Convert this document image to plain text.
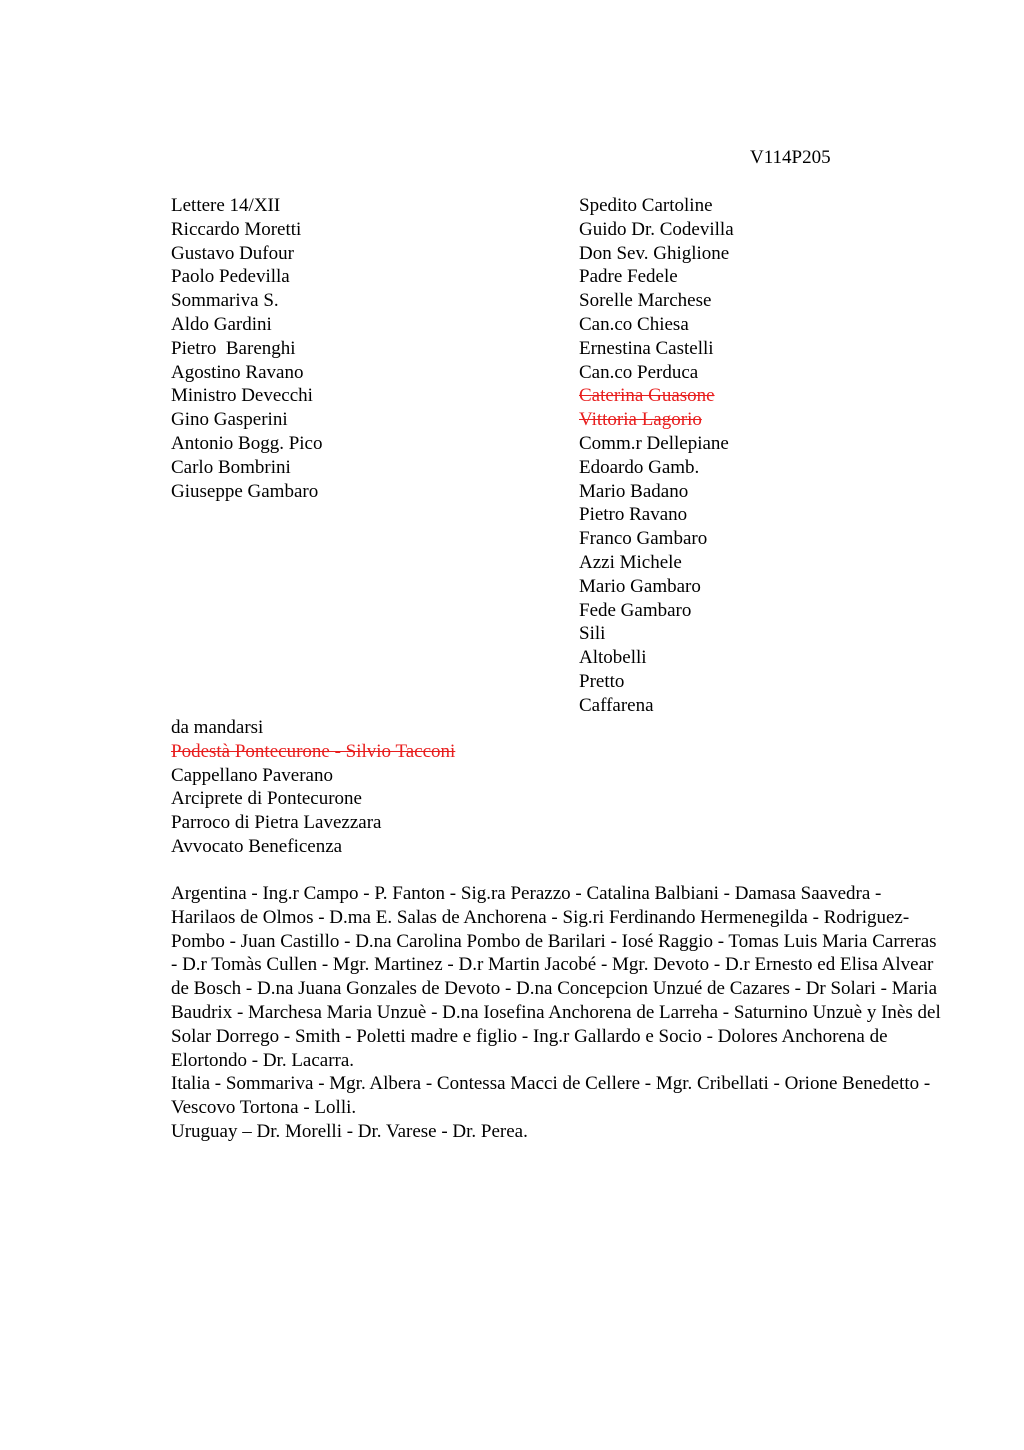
V114P205
Lettere 14/XII
Riccardo Moretti
Gustavo Dufour
Paolo Pedevilla
Sommariva S.
Aldo Gardini
Pietro  Barenghi
Agostino Ravano
Ministro Devecchi
Gino Gasperini
Antonio Bogg. Pico
Carlo Bombrini
Giuseppe Gambaro
Spedito Cartoline
Guido Dr. Codevilla
Don Sev. Ghiglione
Padre Fedele
Sorelle Marchese
Can.co Chiesa
Ernestina Castelli
Can.co Perduca
Caterina Guasone
Vittoria Lagorio
Comm.r Dellepiane
Edoardo Gamb.
Mario Badano
Pietro Ravano
Franco Gambaro
Azzi Michele
Mario Gambaro
Fede Gambaro
Sili
Altobelli
Pretto
Caffarena
da mandarsi
Podestà Pontecurone - Silvio Tacconi
Cappellano Paverano
Arciprete di Pontecurone
Parroco di Pietra Lavezzara
Avvocato Beneficenza

Argentina - Ing.r Campo - P. Fanton - Sig.ra Perazzo - Catalina Balbiani - Damasa Saavedra - Harilaos de Olmos - D.ma E. Salas de Anchorena - Sig.ri Ferdinando Hermenegilda - Rodriguez-Pombo - Juan Castillo - D.na Carolina Pombo de Barilari - Iosé Raggio - Tomas Luis Maria Carreras - D.r Tomàs Cullen - Mgr. Martinez - D.r Martin Jacobé - Mgr. Devoto - D.r Ernesto ed Elisa Alvear de Bosch - D.na Juana Gonzales de Devoto - D.na Concepcion Unzué de Cazares - Dr Solari - Maria Baudrix - Marchesa Maria Unzuè - D.na Iosefina Anchorena de Larreha - Saturnino Unzuè y Inès del Solar Dorrego - Smith - Poletti madre e figlio - Ing.r Gallardo e Socio - Dolores Anchorena de Elortondo - Dr. Lacarra.

Italia - Sommariva - Mgr. Albera - Contessa Macci de Cellere - Mgr. Cribellati - Orione Benedetto - Vescovo Tortona - Lolli.

Uruguay – Dr. Morelli - Dr. Varese - Dr. Perea.
